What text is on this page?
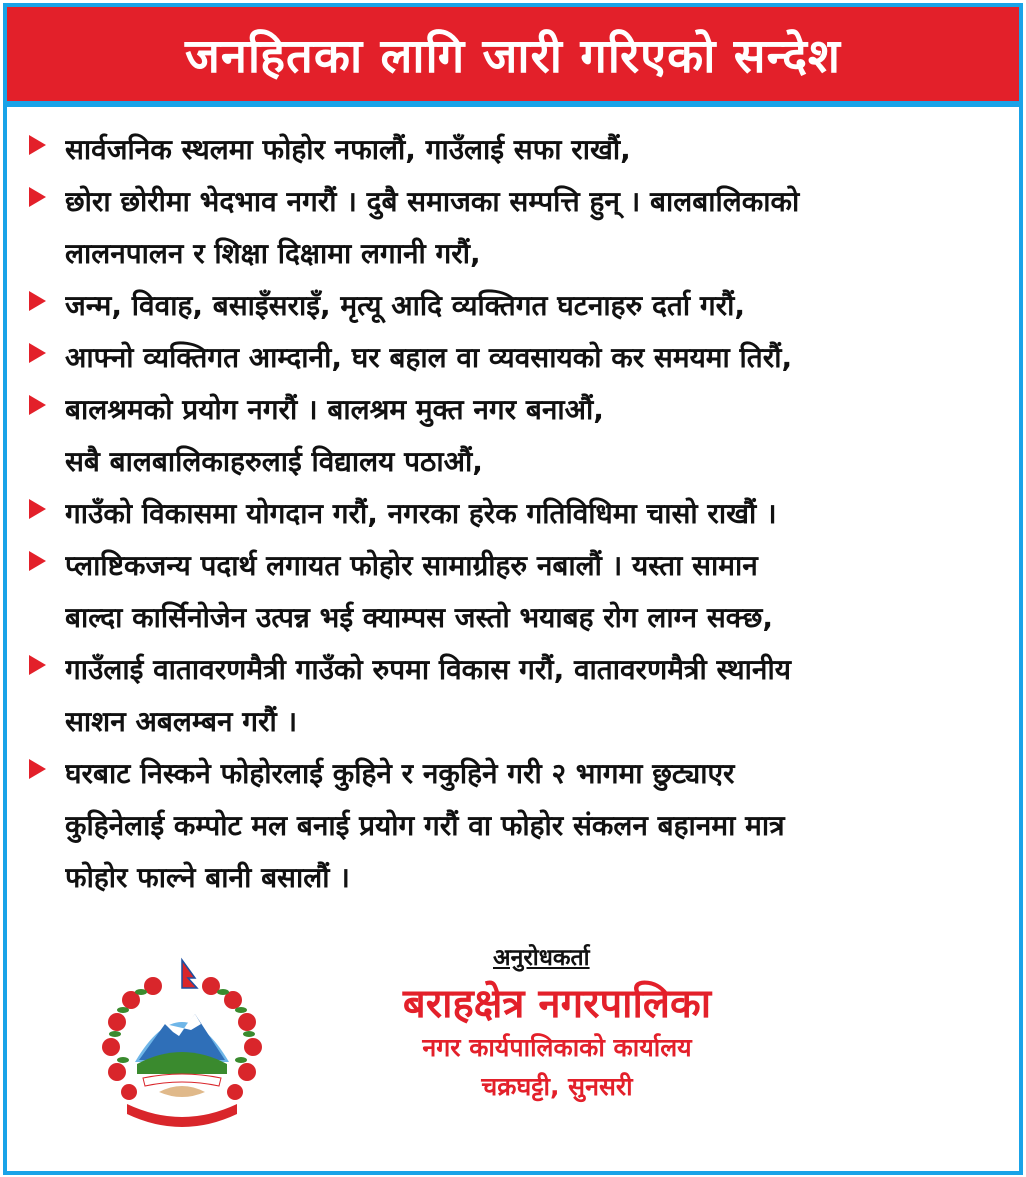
जनहितका लागि जारी गरिएको सन्देश
सार्वजनिक स्थलमा फोहोर नफालौं, गाउँलाई सफा राखौं,
छोरा छोरीमा भेदभाव नगरौं । दुबै समाजका सम्पत्ति हुन् । बालबालिकाको
लालनपालन र शिक्षा दिक्षामा लगानी गरौं,
जन्म, विवाह, बसाइँसराइँ, मृत्यू आदि व्यक्तिगत घटनाहरु दर्ता गरौं,
आफ्नो व्यक्तिगत आम्दानी, घर बहाल वा व्यवसायको कर समयमा तिरौं,
बालश्रमको प्रयोग नगरौं । बालश्रम मुक्त नगर बनाऔं,
सबै बालबालिकाहरुलाई विद्यालय पठाऔं,
गाउँको विकासमा योगदान गरौं, नगरका हरेक गतिविधिमा चासो राखौं ।
प्लाष्टिकजन्य पदार्थ लगायत फोहोर सामाग्रीहरु नबालौं । यस्ता सामान
बाल्दा कार्सिनोजेन उत्पन्न भई क्याम्पस जस्तो भयाबह रोग लाग्न सक्छ,
गाउँलाई वातावरणमैत्री गाउँको रुपमा विकास गरौं, वातावरणमैत्री स्थानीय
साशन अबलम्बन गरौं ।
घरबाट निस्कने फोहोरलाई कुहिने र नकुहिने गरी २ भागमा छुट्याएर
कुहिनेलाई कम्पोट मल बनाई प्रयोग गरौं वा फोहोर संकलन बहानमा मात्र
फोहोर फाल्ने बानी बसालौं ।
अनुरोधकर्ता
बराहक्षेत्र नगरपालिका
नगर कार्यपालिकाको कार्यालय
चक्रघट्टी, सुनसरी
